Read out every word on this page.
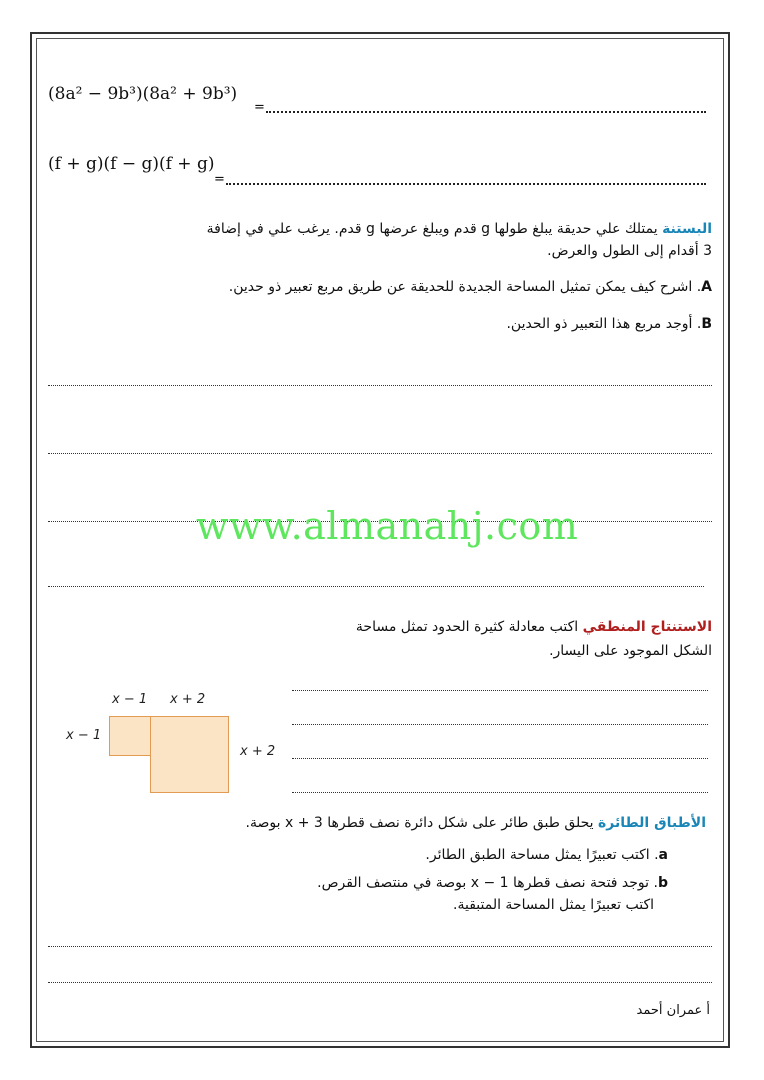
(8a² − 9b³)(8a² + 9b³)
=
(f + g)(f − g)(f + g)
=
البستنة يمتلك علي حديقة يبلغ طولها g قدم ويبلغ عرضها g قدم. يرغب علي في إضافة
3 أقدام إلى الطول والعرض.
A. اشرح كيف يمكن تمثيل المساحة الجديدة للحديقة عن طريق مربع تعبير ذو حدين.
B. أوجد مربع هذا التعبير ذو الحدين.
www.almanahj.com
الاستنتاج المنطقي اكتب معادلة كثيرة الحدود تمثل مساحة
الشكل الموجود على اليسار.
x − 1 x + 2
x − 1
x + 2
الأطباق الطائرة يحلق طبق طائر على شكل دائرة نصف قطرها x + 3 بوصة.
a. اكتب تعبيرًا يمثل مساحة الطبق الطائر.
b. توجد فتحة نصف قطرها x − 1 بوصة في منتصف القرص.
اكتب تعبيرًا يمثل المساحة المتبقية.
أ عمران أحمد
